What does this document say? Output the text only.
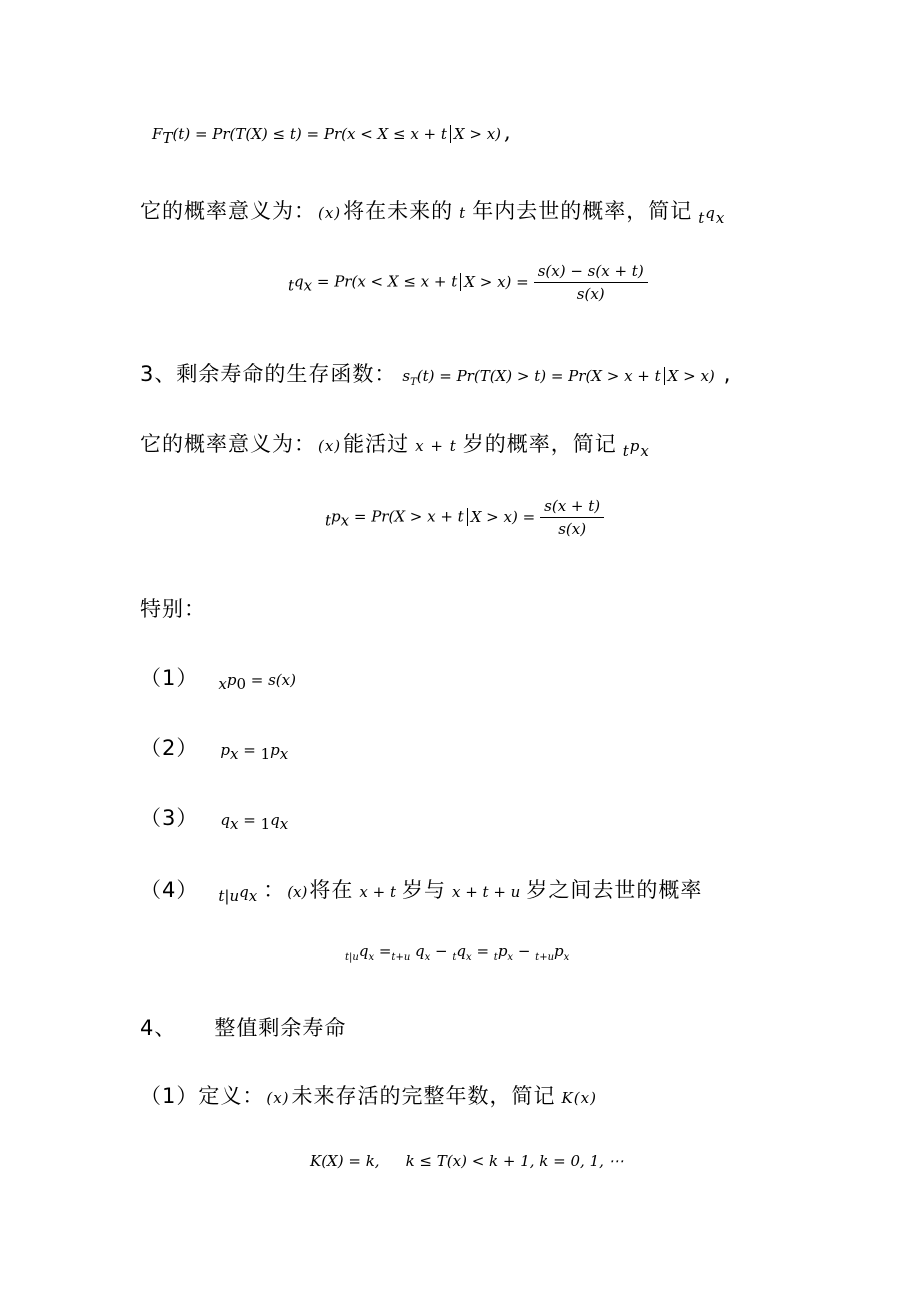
$F_T(t) = Pr(T(X) \le t) = Pr(x < X \le x + t$ X > x) ,
它的概率意义为： (x)将在未来的 t 年内去世的概率，简记 $_tq_x$
$_tq_x = Pr(x < X \le x + t$ $X > x) = \frac{s(x) - s(x + t)}{s(x)}$
3、剩余寿命的生存函数： $s_T(t) = Pr(T(X) > t) = Pr(X > x + t$ X > x) ,
它的概率意义为： (x)能活过 x + t 岁的概率，简记 $_tp_x$
$_tp_x = Pr(X > x + t$ $X > x) = \frac{s(x + t)}{s(x)}$
特别：
（1） $_xp_0 = s(x)$
（2） $p_x = _1p_x$
（3） $q_x = _1q_x$
（4） $_{t|u}q_x$ ： (x)将在 x + t 岁与 x + t + u 岁之间去世的概率
$_{t|u}q_x =_{t+u}$ $q_x - _tq_x = _tp_x - _{t+u}p_x$
4、 整值剩余寿命
（1）定义： (x)未来存活的完整年数，简记 K(x)
K(X) = k, k ≤ T(x) < k + 1, k = 0, 1, ⋯
